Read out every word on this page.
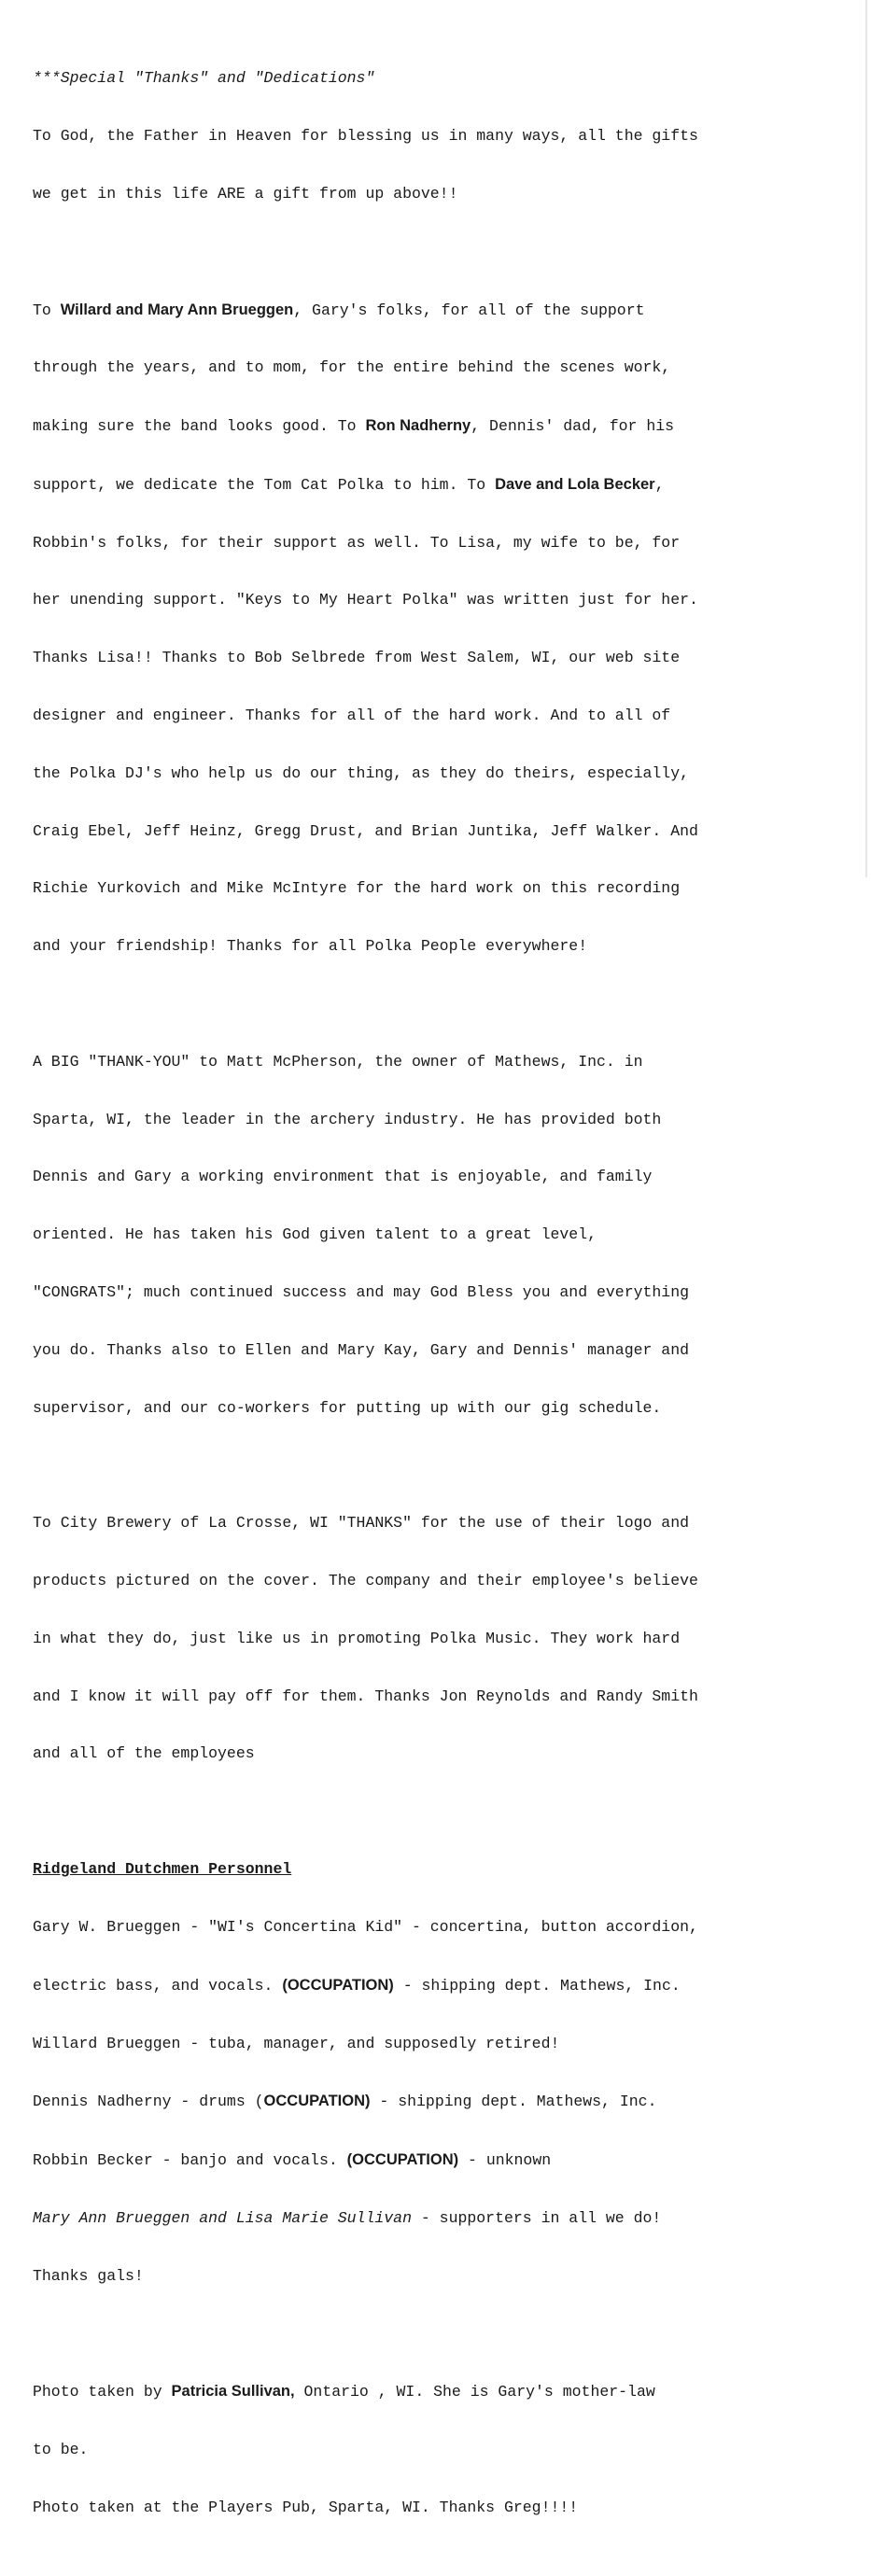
***Special "Thanks" and "Dedications"

To God, the Father in Heaven for blessing us in many ways, all the gifts

we get in this life ARE a gift from up above!!

To Willard and Mary Ann Brueggen, Gary's folks, for all of the support

through the years, and to mom, for the entire behind the scenes work,

making sure the band looks good. To Ron Nadherny, Dennis' dad, for his

support, we dedicate the Tom Cat Polka to him. To Dave and Lola Becker,

Robbin's folks, for their support as well. To Lisa, my wife to be, for

her unending support. "Keys to My Heart Polka" was written just for her.

Thanks Lisa!! Thanks to Bob Selbrede from West Salem, WI, our web site

designer and engineer. Thanks for all of the hard work. And to all of

the Polka DJ's who help us do our thing, as they do theirs, especially,

Craig Ebel, Jeff Heinz, Gregg Drust, and Brian Juntika, Jeff Walker. And

Richie Yurkovich and Mike McIntyre for the hard work on this recording

and your friendship! Thanks for all Polka People everywhere!

A BIG "THANK-YOU" to Matt McPherson, the owner of Mathews, Inc. in

Sparta, WI, the leader in the archery industry. He has provided both

Dennis and Gary a working environment that is enjoyable, and family

oriented. He has taken his God given talent to a great level,

"CONGRATS"; much continued success and may God Bless you and everything

you do. Thanks also to Ellen and Mary Kay, Gary and Dennis' manager and

supervisor, and our co-workers for putting up with our gig schedule.

To City Brewery of La Crosse, WI "THANKS" for the use of their logo and

products pictured on the cover. The company and their employee's believe

in what they do, just like us in promoting Polka Music. They work hard

and I know it will pay off for them. Thanks Jon Reynolds and Randy Smith

and all of the employees

Ridgeland Dutchmen Personnel

Gary W. Brueggen - "WI's Concertina Kid" - concertina, button accordion,

electric bass, and vocals. (OCCUPATION) - shipping dept. Mathews, Inc.

Willard Brueggen - tuba, manager, and supposedly retired!

Dennis Nadherny - drums (OCCUPATION) - shipping dept. Mathews, Inc.

Robbin Becker - banjo and vocals. (OCCUPATION) - unknown

Mary Ann Brueggen and Lisa Marie Sullivan - supporters in all we do!

Thanks gals!

Photo taken by Patricia Sullivan, Ontario , WI. She is Gary's mother-law

to be.

Photo taken at the Players Pub, Sparta, WI. Thanks Greg!!!!
